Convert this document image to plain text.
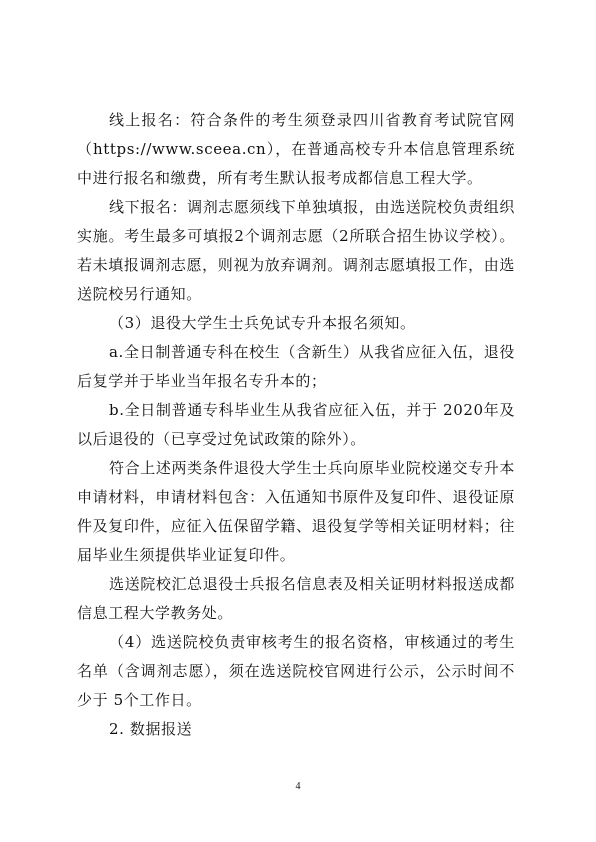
线上报名：符合条件的考生须登录四川省教育考试院官网（https://www.sceea.cn），在普通高校专升本信息管理系统中进行报名和缴费，所有考生默认报考成都信息工程大学。

线下报名：调剂志愿须线下单独填报，由选送院校负责组织实施。考生最多可填报2个调剂志愿（2所联合招生协议学校）。若未填报调剂志愿，则视为放弃调剂。调剂志愿填报工作，由选送院校另行通知。

（3）退役大学生士兵免试专升本报名须知。

a.全日制普通专科在校生（含新生）从我省应征入伍，退役后复学并于毕业当年报名专升本的；

b.全日制普通专科毕业生从我省应征入伍，并于 2020年及以后退役的（已享受过免试政策的除外）。

符合上述两类条件退役大学生士兵向原毕业院校递交专升本申请材料，申请材料包含：入伍通知书原件及复印件、退役证原件及复印件，应征入伍保留学籍、退役复学等相关证明材料；往届毕业生须提供毕业证复印件。

选送院校汇总退役士兵报名信息表及相关证明材料报送成都信息工程大学教务处。

（4）选送院校负责审核考生的报名资格，审核通过的考生名单（含调剂志愿），须在选送院校官网进行公示，公示时间不少于 5个工作日。

2. 数据报送

4
